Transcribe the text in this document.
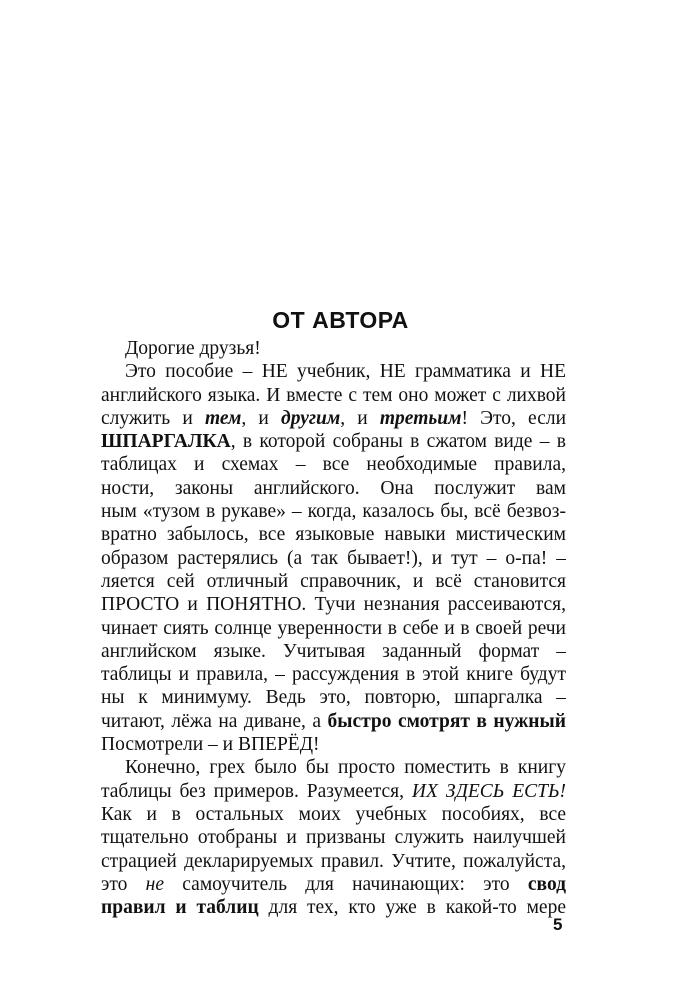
ОТ АВТОРА
Дорогие друзья!
Это пособие – НЕ учебник, НЕ грамматика и НЕ
английского языка. И вместе с тем оно может с лихвой
служить и тем, и другим, и третьим! Это, если
ШПАРГАЛКА, в которой собраны в сжатом виде – в
таблицах и схемах – все необходимые правила,
ности, законы английского. Она послужит вам
ным «тузом в рукаве» – когда, казалось бы, всё безвоз-
вратно забылось, все языковые навыки мистическим
образом растерялись (а так бывает!), и тут – о-па! –
ляется сей отличный справочник, и всё становится
ПРОСТО и ПОНЯТНО. Тучи незнания рассеиваются,
чинает сиять солнце уверенности в себе и в своей речи
английском языке. Учитывая заданный формат –
таблицы и правила, – рассуждения в этой книге будут
ны к минимуму. Ведь это, повторю, шпаргалка –
читают, лёжа на диване, а быстро смотрят в нужный
Посмотрели – и ВПЕРЁД!
Конечно, грех было бы просто поместить в книгу
таблицы без примеров. Разумеется, ИХ ЗДЕСЬ ЕСТЬ!
Как и в остальных моих учебных пособиях, все
тщательно отобраны и призваны служить наилучшей
страцией декларируемых правил. Учтите, пожалуйста,
это не самоучитель для начинающих: это свод
правил и таблиц для тех, кто уже в какой-то мере
5
